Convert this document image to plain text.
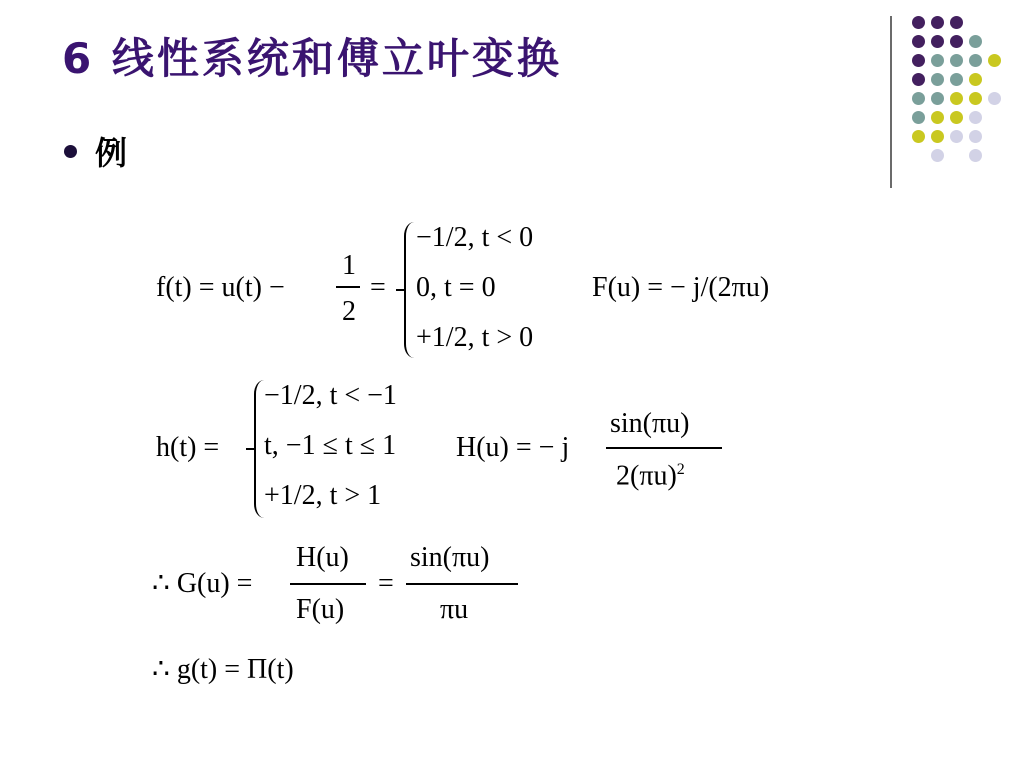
6 线性系统和傅立叶变换
例
f(t) = u(t) −
1
2
=
−1/2, t < 0
0, t = 0
+1/2, t > 0
F(u) = − j/(2πu)
h(t) =
−1/2, t < −1
t, −1 ≤ t ≤ 1
+1/2, t > 1
H(u) = − j
sin(πu)
$2(\pi u)^2$
∴ G(u) =
H(u)
F(u)
=
sin(πu)
πu
∴ g(t) = Π(t)
